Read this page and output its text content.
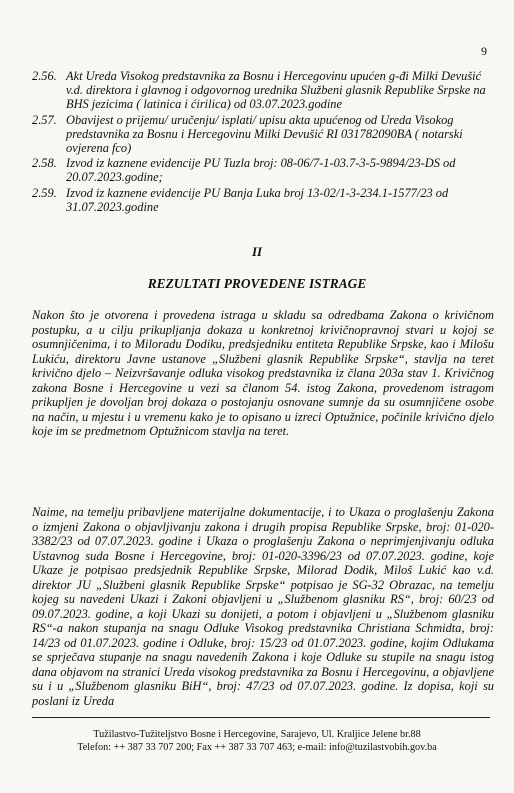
9
2.56. Akt Ureda Visokog predstavnika za Bosnu i Hercegovinu upućen g-đi Milki Devušić v.d. direktora i glavnog i odgovornog urednika Službeni glasnik Republike Srpske na BHS jezicima ( latinica i ćirilica) od 03.07.2023.godine
2.57. Obavijest o prijemu/ uručenju/ isplati/ upisu akta upućenog od Ureda Visokog predstavnika za Bosnu i Hercegovinu Milki Devušić RI 031782090BA ( notarski ovjerena fco)
2.58. Izvod iz kaznene evidencije PU Tuzla broj: 08-06/7-1-03.7-3-5-9894/23-DS od 20.07.2023.godine;
2.59. Izvod iz kaznene evidencije PU Banja Luka broj 13-02/1-3-234.1-1577/23 od 31.07.2023.godine
II
REZULTATI PROVEDENE ISTRAGE

Nakon što je otvorena i provedena istraga u skladu sa odredbama Zakona o krivičnom postupku, a u cilju prikupljanja dokaza u konkretnoj krivičnopravnoj stvari u kojoj se osumnjičenima, i to Miloradu Dodiku, predsjedniku entiteta Republike Srpske, kao i Milošu Lukiću, direktoru Javne ustanove „Službeni glasnik Republike Srpske“, stavlja na teret krivično djelo – Neizvršavanje odluka visokog predstavnika iz člana 203a stav 1. Krivičnog zakona Bosne i Hercegovine u vezi sa članom 54. istog Zakona, provedenom istragom prikupljen je dovoljan broj dokaza o postojanju osnovane sumnje da su osumnjičene osobe na način, u mjestu i u vremenu kako je to opisano u izreci Optužnice, počinile krivično djelo koje im se predmetnom Optužnicom stavlja na teret.

Naime, na temelju pribavljene materijalne dokumentacije, i to Ukaza o proglašenju Zakona o izmjeni Zakona o objavljivanju zakona i drugih propisa Republike Srpske, broj: 01-020-3382/23 od 07.07.2023. godine i Ukaza o proglašenju Zakona o neprimjenjivanju odluka Ustavnog suda Bosne i Hercegovine, broj: 01-020-3396/23 od 07.07.2023. godine, koje Ukaze je potpisao predsjednik Republike Srpske, Milorad Dodik, Miloš Lukić kao v.d. direktor JU „Službeni glasnik Republike Srpske“ potpisao je SG-32 Obrazac, na temelju kojeg su navedeni Ukazi i Zakoni objavljeni u „Službenom glasniku RS“, broj: 60/23 od 09.07.2023. godine, a koji Ukazi su donijeti, a potom i objavljeni u „Službenom glasniku RS“-a nakon stupanja na snagu Odluke Visokog predstavnika Christiana Schmidta, broj: 14/23 od 01.07.2023. godine i Odluke, broj: 15/23 od 01.07.2023. godine, kojim Odlukama se sprječava stupanje na snagu navedenih Zakona i koje Odluke su stupile na snagu istog dana objavom na stranici Ureda visokog predstavnika za Bosnu i Hercegovinu, a objavljene su i u „Službenom glasniku BiH“, broj: 47/23 od 07.07.2023. godine. Iz dopisa, koji su poslani iz Ureda

Tužilastvo-Tužiteljstvo Bosne i Hercegovine, Sarajevo, Ul. Kraljice Jelene br.88
Telefon: ++ 387 33 707 200; Fax ++ 387 33 707 463; e-mail: info@tuzilastvobih.gov.ba
